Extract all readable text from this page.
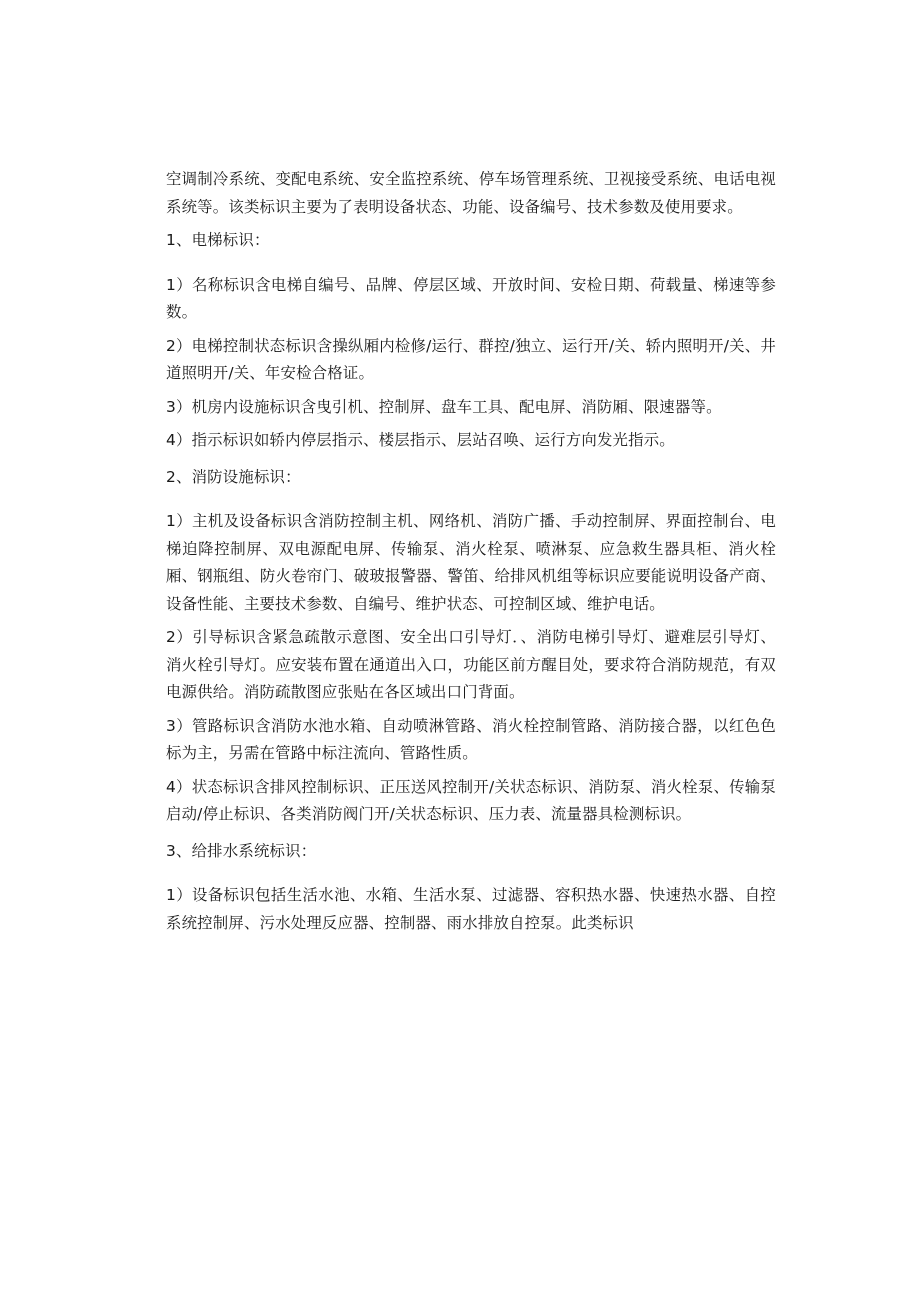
空调制冷系统、变配电系统、安全监控系统、停车场管理系统、卫视接受系统、电话电视系统等。该类标识主要为了表明设备状态、功能、设备编号、技术参数及使用要求。

1、电梯标识：

1）名称标识含电梯自编号、品牌、停层区域、开放时间、安检日期、荷载量、梯速等参数。

2）电梯控制状态标识含操纵厢内检修/运行、群控/独立、运行开/关、轿内照明开/关、井道照明开/关、年安检合格证。

3）机房内设施标识含曳引机、控制屏、盘车工具、配电屏、消防厢、限速器等。

4）指示标识如轿内停层指示、楼层指示、层站召唤、运行方向发光指示。

2、消防设施标识：

1）主机及设备标识含消防控制主机、网络机、消防广播、手动控制屏、界面控制台、电梯迫降控制屏、双电源配电屏、传输泵、消火栓泵、喷淋泵、应急救生器具柜、消火栓厢、钢瓶组、防火卷帘门、破玻报警器、警笛、给排风机组等标识应要能说明设备产商、设备性能、主要技术参数、自编号、维护状态、可控制区域、维护电话。

2）引导标识含紧急疏散示意图、安全出口引导灯．、消防电梯引导灯、避难层引导灯、消火栓引导灯。应安装布置在通道出入口，功能区前方醒目处，要求符合消防规范，有双电源供给。消防疏散图应张贴在各区域出口门背面。

3）管路标识含消防水池水箱、自动喷淋管路、消火栓控制管路、消防接合器，以红色色标为主，另需在管路中标注流向、管路性质。

4）状态标识含排风控制标识、正压送风控制开/关状态标识、消防泵、消火栓泵、传输泵启动/停止标识、各类消防阀门开/关状态标识、压力表、流量器具检测标识。

3、给排水系统标识：

1）设备标识包括生活水池、水箱、生活水泵、过滤器、容积热水器、快速热水器、自控系统控制屏、污水处理反应器、控制器、雨水排放自控泵。此类标识
